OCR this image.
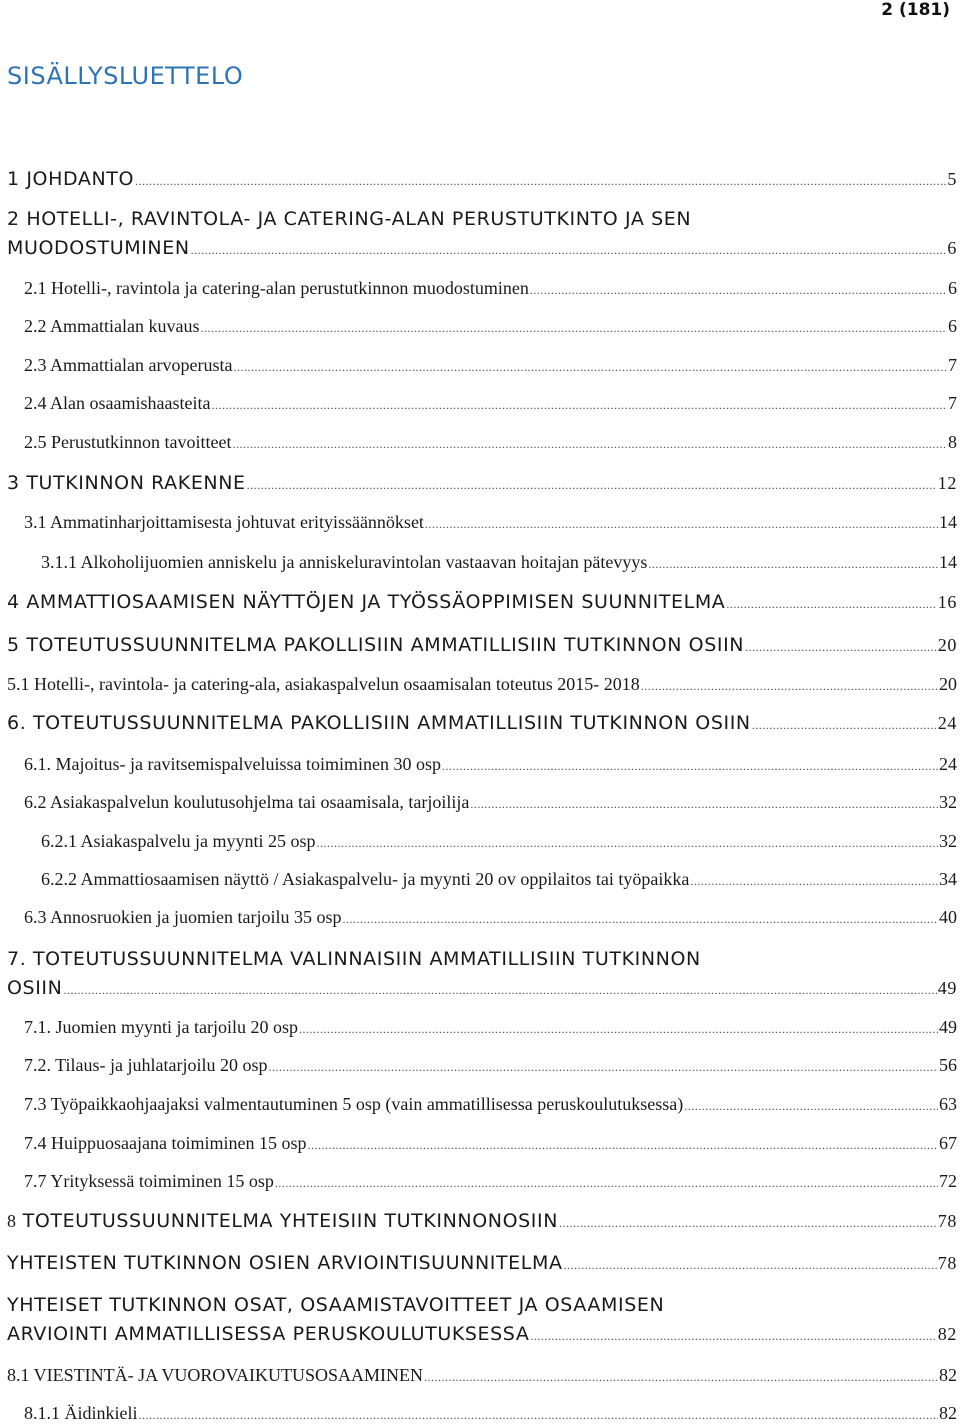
2 (181)
SISÄLLYSLUETTELO
1 JOHDANTO .....	5
2 HOTELLI-, RAVINTOLA- JA CATERING-ALAN PERUSTUTKINTO JA SEN
MUODOSTUMINEN .....	6
2.1 Hotelli-, ravintola ja catering-alan perustutkinnon muodostuminen .....	6
2.2 Ammattialan kuvaus .....	6
2.3 Ammattialan arvoperusta .....	7
2.4 Alan osaamishaasteita .....	7
2.5 Perustutkinnon tavoitteet .....	8
3 TUTKINNON RAKENNE .....	12
3.1 Ammatinharjoittamisesta johtuvat erityissäännökset .....	14
3.1.1 Alkoholijuomien anniskelu ja anniskeluravintolan vastaavan hoitajan pätevyys .....	14
4 AMMATTIOSAAMISEN NÄYTTÖJEN JA TYÖSSÄOPPIMISEN SUUNNITELMA .....	16
5 TOTEUTUSSUUNNITELMA PAKOLLISIIN AMMATILLISIIN TUTKINNON OSIIN .....	20
5.1 Hotelli-, ravintola- ja catering-ala, asiakaspalvelun osaamisalan toteutus 2015- 2018 .....	20
6. TOTEUTUSSUUNNITELMA PAKOLLISIIN AMMATILLISIIN TUTKINNON OSIIN .....	24
6.1. Majoitus- ja ravitsemispalveluissa toimiminen 30 osp .....	24
6.2 Asiakaspalvelun koulutusohjelma tai osaamisala, tarjoilija .....	32
6.2.1 Asiakaspalvelu ja myynti 25 osp .....	32
6.2.2 Ammattiosaamisen näyttö / Asiakaspalvelu- ja myynti 20 ov oppilaitos tai työpaikka .....	34
6.3 Annosruokien ja juomien tarjoilu 35 osp .....	40
7. TOTEUTUSSUUNNITELMA VALINNAISIIN AMMATILLISIIN TUTKINNON
OSIIN .....	49
7.1. Juomien myynti ja tarjoilu 20 osp .....	49
7.2. Tilaus- ja juhlatarjoilu 20 osp .....	56
7.3 Työpaikkaohjaajaksi valmentautuminen 5 osp (vain ammatillisessa peruskoulutuksessa) .....	63
7.4 Huippuosaajana toimiminen 15 osp .....	67
7.7 Yrityksessä toimiminen 15 osp .....	72
8 TOTEUTUSSUUNNITELMA YHTEISIIN TUTKINNONOSIIN .....	78
YHTEISTEN TUTKINNON OSIEN ARVIOINTISUUNNITELMA .....	78
YHTEISET TUTKINNON OSAT, OSAAMISTAVOITTEET JA OSAAMISEN
ARVIOINTI AMMATILLISESSA PERUSKOULUTUKSESSA .....	82
8.1 VIESTINTÄ- JA VUOROVAIKUTUSOSAAMINEN .....	82
8.1.1 Äidinkieli .....	82
